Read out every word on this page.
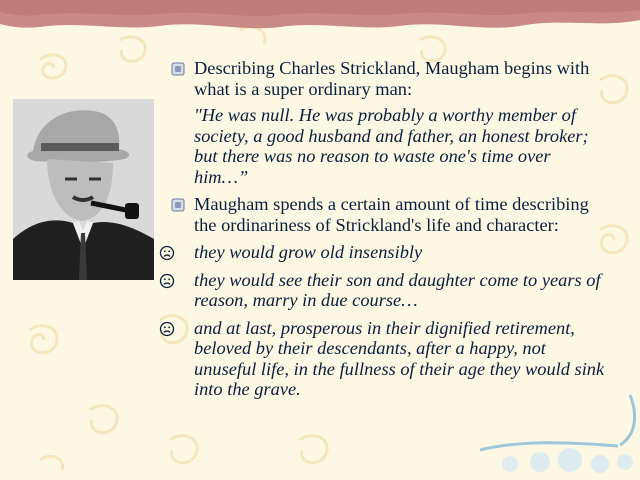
Describing Charles Strickland, Maugham begins with what is a super ordinary man:
"He was null. He was probably a worthy member of society, a good husband and father, an honest broker; but there was no reason to waste one's time over him…”
Maugham spends a certain amount of time describing the ordinariness of Strickland's life and character:
they would grow old insensibly
they would see their son and daughter come to years of reason, marry in due course…
and at last, prosperous in their dignified retirement, beloved by their descendants, after a happy, not unuseful life, in the fullness of their age they would sink into the grave.
